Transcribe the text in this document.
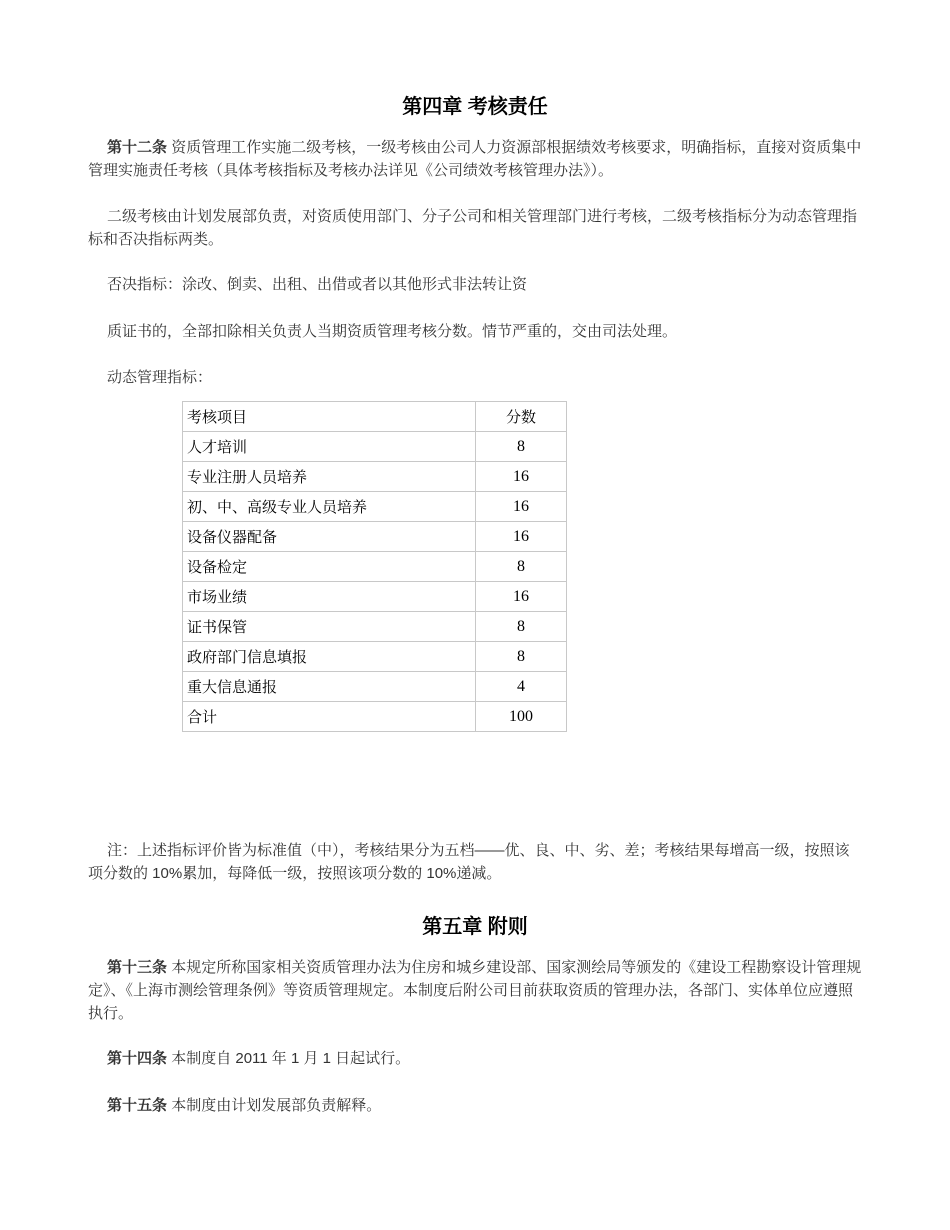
第四章 考核责任
第十二条 资质管理工作实施二级考核，一级考核由公司人力资源部根据绩效考核要求，明确指标，直接对资质集中管理实施责任考核（具体考核指标及考核办法详见《公司绩效考核管理办法》）。
二级考核由计划发展部负责，对资质使用部门、分子公司和相关管理部门进行考核，二级考核指标分为动态管理指标和否决指标两类。
否决指标：涂改、倒卖、出租、出借或者以其他形式非法转让资
质证书的，全部扣除相关负责人当期资质管理考核分数。情节严重的，交由司法处理。
动态管理指标：
考核项目	分数
人才培训	8
专业注册人员培养	16
初、中、高级专业人员培养	16
设备仪器配备	16
设备检定	8
市场业绩	16
证书保管	8
政府部门信息填报	8
重大信息通报	4
合计	100
注：上述指标评价皆为标准值（中），考核结果分为五档——优、良、中、劣、差；考核结果每增高一级，按照该项分数的 10%累加，每降低一级，按照该项分数的 10%递减。
第五章 附则
第十三条 本规定所称国家相关资质管理办法为住房和城乡建设部、国家测绘局等颁发的《建设工程勘察设计管理规定》、《上海市测绘管理条例》等资质管理规定。本制度后附公司目前获取资质的管理办法，各部门、实体单位应遵照执行。
第十四条 本制度自 2011 年 1 月 1 日起试行。
第十五条 本制度由计划发展部负责解释。
